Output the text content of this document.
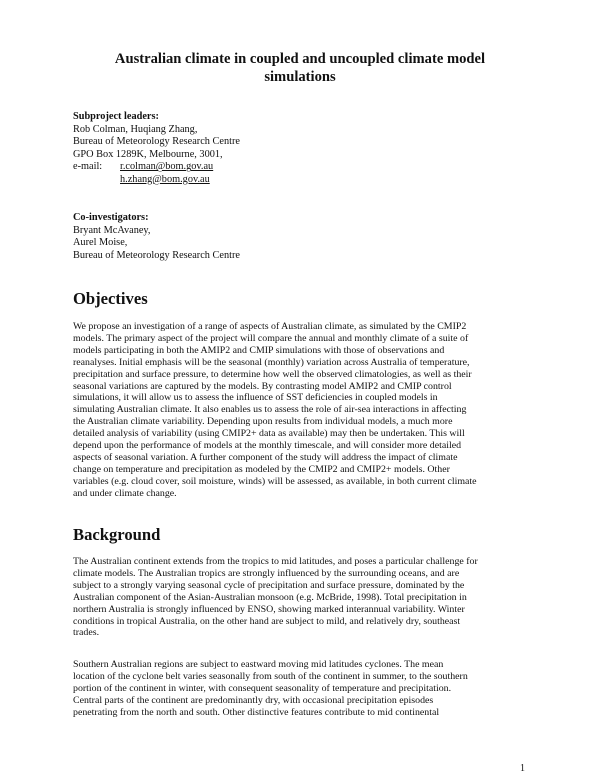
Australian climate in coupled and uncoupled climate model
simulations
Subproject leaders:
Rob Colman, Huqiang Zhang,
Bureau of Meteorology Research Centre
GPO Box 1289K, Melbourne, 3001,
e-mail: r.colman@bom.gov.au
h.zhang@bom.gov.au
Co-investigators:
Bryant McAvaney,
Aurel Moise,
Bureau of Meteorology Research Centre
Objectives
We propose an investigation of a range of aspects of Australian climate, as simulated by the CMIP2
models. The primary aspect of the project will compare the annual and monthly climate of a suite of
models participating in both the AMIP2 and CMIP simulations with those of observations and
reanalyses. Initial emphasis will be the seasonal (monthly) variation across Australia of temperature,
precipitation and surface pressure, to determine how well the observed climatologies, as well as their
seasonal variations are captured by the models. By contrasting model AMIP2 and CMIP control
simulations, it will allow us to assess the influence of SST deficiencies in coupled models in
simulating Australian climate. It also enables us to assess the role of air-sea interactions in affecting
the Australian climate variability. Depending upon results from individual models, a much more
detailed analysis of variability (using CMIP2+ data as available) may then be undertaken. This will
depend upon the performance of models at the monthly timescale, and will consider more detailed
aspects of seasonal variation. A further component of the study will address the impact of climate
change on temperature and precipitation as modeled by the CMIP2 and CMIP2+ models. Other
variables (e.g. cloud cover, soil moisture, winds) will be assessed, as available, in both current climate
and under climate change.
Background
The Australian continent extends from the tropics to mid latitudes, and poses a particular challenge for
climate models. The Australian tropics are strongly influenced by the surrounding oceans, and are
subject to a strongly varying seasonal cycle of precipitation and surface pressure, dominated by the
Australian component of the Asian-Australian monsoon (e.g. McBride, 1998). Total precipitation in
northern Australia is strongly influenced by ENSO, showing marked interannual variability. Winter
conditions in tropical Australia, on the other hand are subject to mild, and relatively dry, southeast
trades.
Southern Australian regions are subject to eastward moving mid latitudes cyclones. The mean
location of the cyclone belt varies seasonally from south of the continent in summer, to the southern
portion of the continent in winter, with consequent seasonality of temperature and precipitation.
Central parts of the continent are predominantly dry, with occasional precipitation episodes
penetrating from the north and south. Other distinctive features contribute to mid continental
1
